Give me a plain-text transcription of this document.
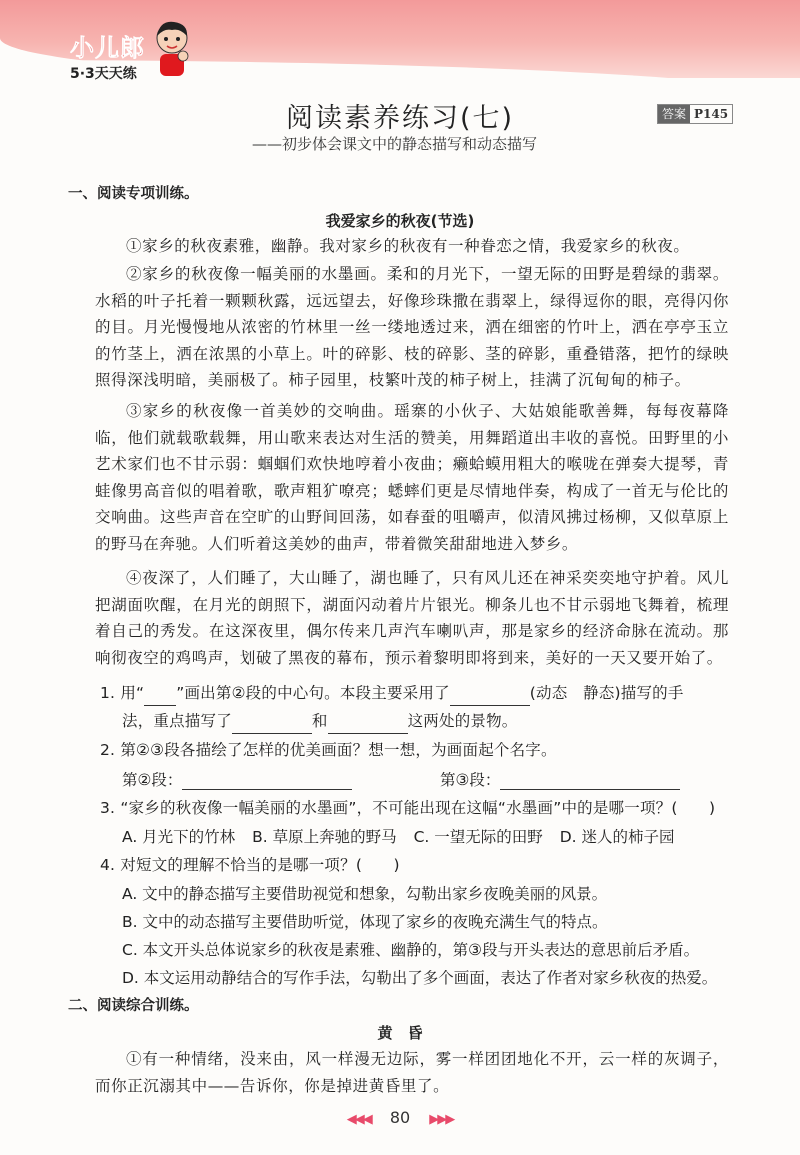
小儿郎
5·3天天练
阅读素养练习(七)	答案 P145
——初步体会课文中的静态描写和动态描写
一、阅读专项训练。
我爱家乡的秋夜(节选)
①家乡的秋夜素雅，幽静。我对家乡的秋夜有一种眷恋之情，我爱家乡的秋夜。
②家乡的秋夜像一幅美丽的水墨画。柔和的月光下，一望无际的田野是碧绿的翡翠。水稻的叶子托着一颗颗秋露，远远望去，好像珍珠撒在翡翠上，绿得逗你的眼，亮得闪你的目。月光慢慢地从浓密的竹林里一丝一缕地透过来，洒在细密的竹叶上，洒在亭亭玉立的竹茎上，洒在浓黑的小草上。叶的碎影、枝的碎影、茎的碎影，重叠错落，把竹的绿映照得深浅明暗，美丽极了。柿子园里，枝繁叶茂的柿子树上，挂满了沉甸甸的柿子。
③家乡的秋夜像一首美妙的交响曲。瑶寨的小伙子、大姑娘能歌善舞，每每夜幕降临，他们就载歌载舞，用山歌来表达对生活的赞美，用舞蹈道出丰收的喜悦。田野里的小艺术家们也不甘示弱：蝈蝈们欢快地哼着小夜曲；癞蛤蟆用粗大的喉咙在弹奏大提琴，青蛙像男高音似的唱着歌，歌声粗犷嘹亮；蟋蟀们更是尽情地伴奏，构成了一首无与伦比的交响曲。这些声音在空旷的山野间回荡，如春蚕的咀嚼声，似清风拂过杨柳，又似草原上的野马在奔驰。人们听着这美妙的曲声，带着微笑甜甜地进入梦乡。
④夜深了，人们睡了，大山睡了，湖也睡了，只有风儿还在神采奕奕地守护着。风儿把湖面吹醒，在月光的朗照下，湖面闪动着片片银光。柳条儿也不甘示弱地飞舞着，梳理着自己的秀发。在这深夜里，偶尔传来几声汽车喇叭声，那是家乡的经济命脉在流动。那响彻夜空的鸡鸣声，划破了黑夜的幕布，预示着黎明即将到来，美好的一天又要开始了。
1. 用“ ”画出第②段的中心句。本段主要采用了	(动态　静态)描写的手
法，重点描写了	和	这两处的景物。
2. 第②③段各描绘了怎样的优美画面？想一想，为画面起个名字。
第②段：	第③段：
3. “家乡的秋夜像一幅美丽的水墨画”，不可能出现在这幅“水墨画”中的是哪一项？(　　)
A. 月光下的竹林 B. 草原上奔驰的野马 C. 一望无际的田野 D. 迷人的柿子园
4. 对短文的理解不恰当的是哪一项？(　　)
A. 文中的静态描写主要借助视觉和想象，勾勒出家乡夜晚美丽的风景。
B. 文中的动态描写主要借助听觉，体现了家乡的夜晚充满生气的特点。
C. 本文开头总体说家乡的秋夜是素雅、幽静的，第③段与开头表达的意思前后矛盾。
D. 本文运用动静结合的写作手法，勾勒出了多个画面，表达了作者对家乡秋夜的热爱。
二、阅读综合训练。
黄　昏
①有一种情绪，没来由，风一样漫无边际，雾一样团团地化不开，云一样的灰调子，而你正沉溺其中——告诉你，你是掉进黄昏里了。
◀◀◀ 80 ▶▶▶
